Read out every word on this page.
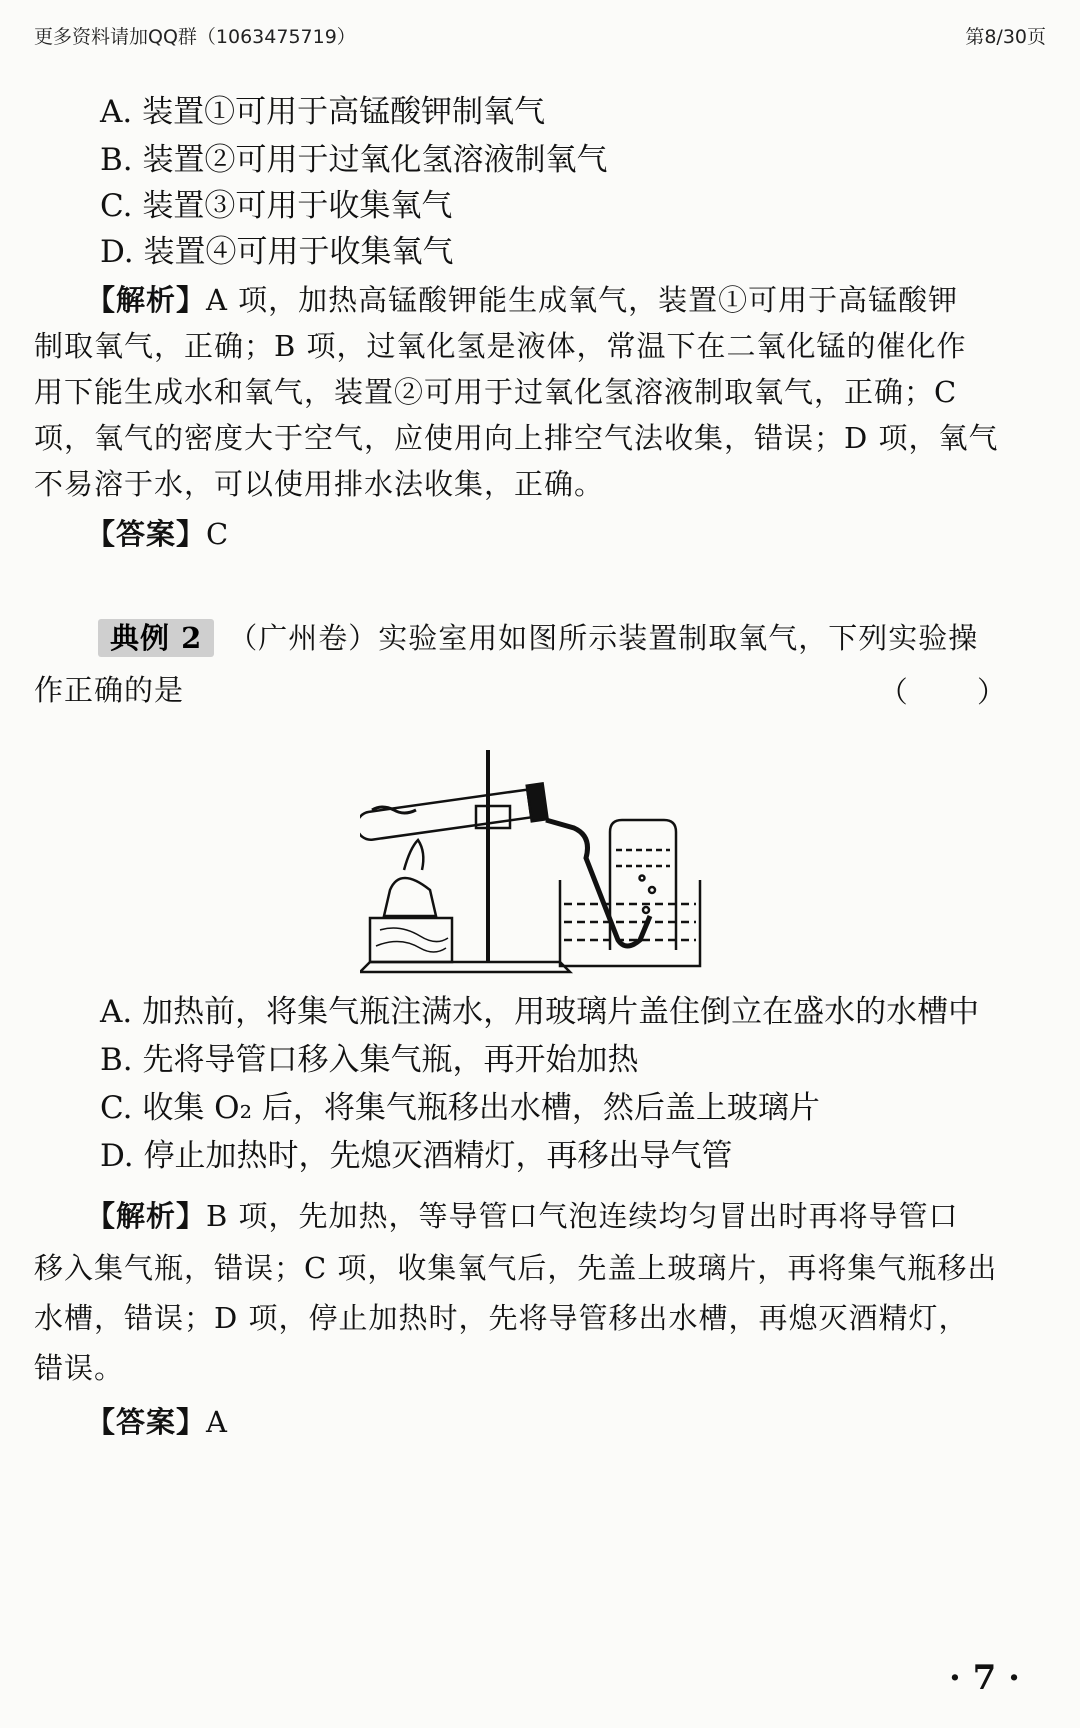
更多资料请加QQ群（1063475719）	第8/30页
A. 装置①可用于高锰酸钾制氧气
B. 装置②可用于过氧化氢溶液制氧气
C. 装置③可用于收集氧气
D. 装置④可用于收集氧气
【解析】A 项，加热高锰酸钾能生成氧气，装置①可用于高锰酸钾
制取氧气，正确；B 项，过氧化氢是液体，常温下在二氧化锰的催化作
用下能生成水和氧气，装置②可用于过氧化氢溶液制取氧气，正确；C
项，氧气的密度大于空气，应使用向上排空气法收集，错误；D 项，氧气
不易溶于水，可以使用排水法收集，正确。
【答案】C
典例 2 （广州卷）实验室用如图所示装置制取氧气，下列实验操
作正确的是	（ ）
A. 加热前，将集气瓶注满水，用玻璃片盖住倒立在盛水的水槽中
B. 先将导管口移入集气瓶，再开始加热
C. 收集 O₂ 后，将集气瓶移出水槽，然后盖上玻璃片
D. 停止加热时，先熄灭酒精灯，再移出导气管
【解析】B 项，先加热，等导管口气泡连续均匀冒出时再将导管口
移入集气瓶，错误；C 项，收集氧气后，先盖上玻璃片，再将集气瓶移出
水槽，错误；D 项，停止加热时，先将导管移出水槽，再熄灭酒精灯，
错误。
【答案】A
· 7 ·
